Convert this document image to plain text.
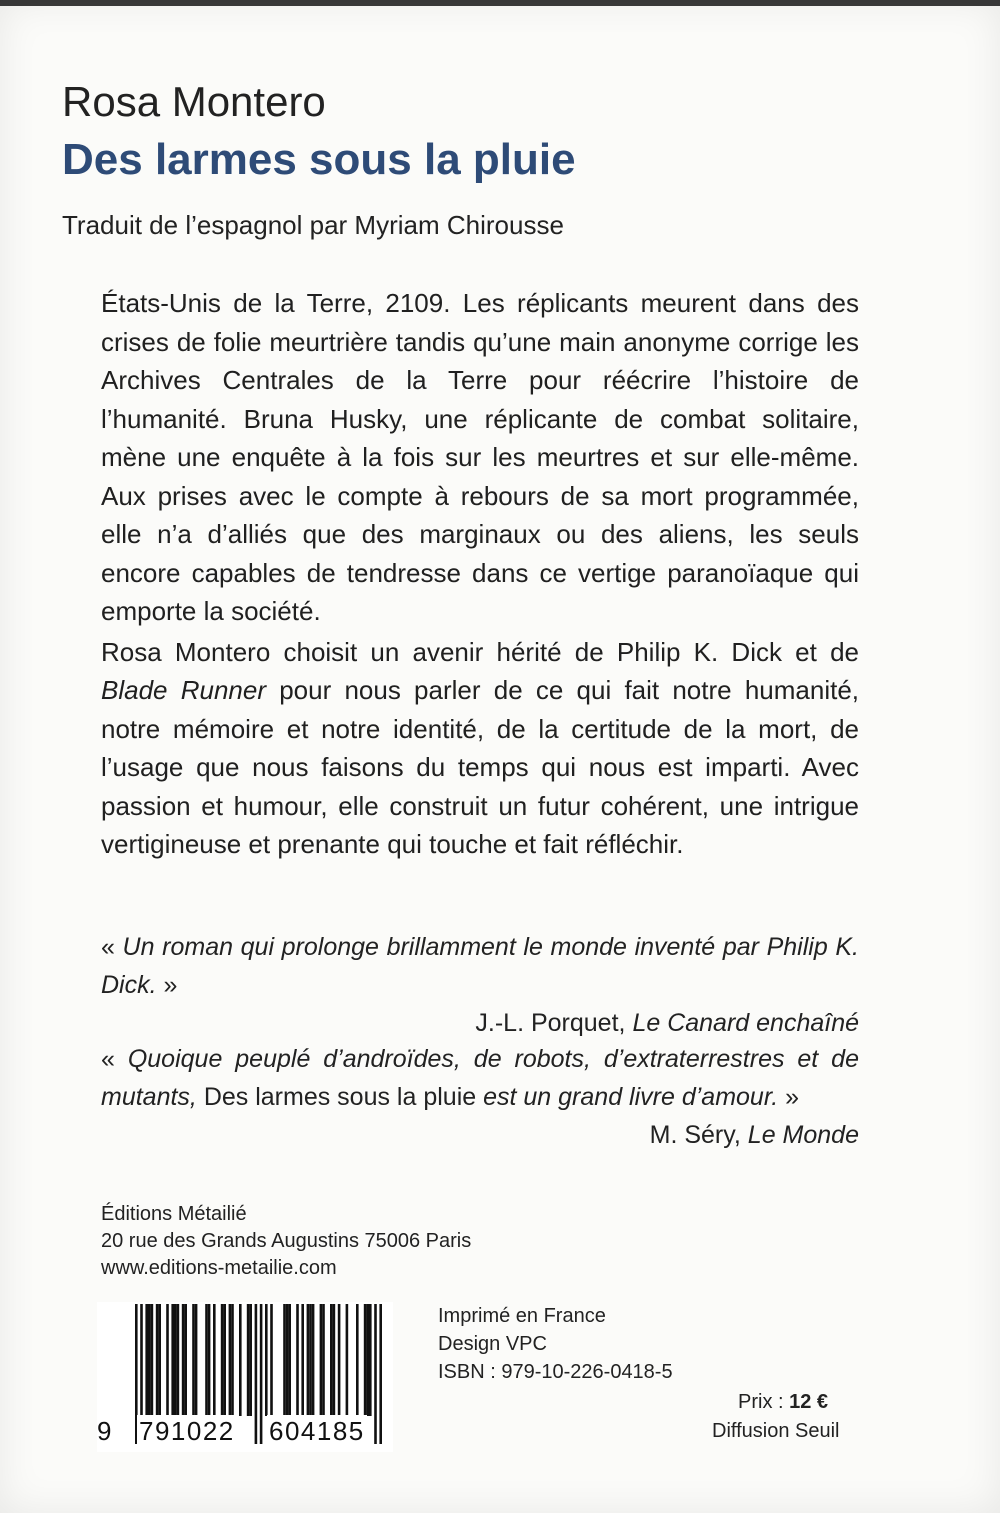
Rosa Montero
Des larmes sous la pluie
Traduit de l’espagnol par Myriam Chirousse

États-Unis de la Terre, 2109. Les réplicants meurent dans des crises de folie meurtrière tandis qu’une main anonyme corrige les Archives Centrales de la Terre pour réécrire l’histoire de l’humanité. Bruna Husky, une réplicante de combat solitaire, mène une enquête à la fois sur les meurtres et sur elle-même. Aux prises avec le compte à rebours de sa mort programmée, elle n’a d’alliés que des marginaux ou des aliens, les seuls encore capables de tendresse dans ce vertige paranoïaque qui emporte la société.

Rosa Montero choisit un avenir hérité de Philip K. Dick et de Blade Runner pour nous parler de ce qui fait notre humanité, notre mémoire et notre identité, de la certitude de la mort, de l’usage que nous faisons du temps qui nous est imparti. Avec passion et humour, elle construit un futur cohérent, une intrigue vertigineuse et prenante qui touche et fait réfléchir.

« Un roman qui prolonge brillamment le monde inventé par Philip K. Dick. »
J.-L. Porquet, Le Canard enchaîné
« Quoique peuplé d’androïdes, de robots, d’extraterrestres et de mutants, Des larmes sous la pluie est un grand livre d’amour. »
M. Séry, Le Monde
Éditions Métailié
20 rue des Grands Augustins 75006 Paris
www.editions-metailie.com
9 791022 604185
Imprimé en France
Design VPC
ISBN : 979-10-226-0418-5
Prix : 12 €
Diffusion Seuil
